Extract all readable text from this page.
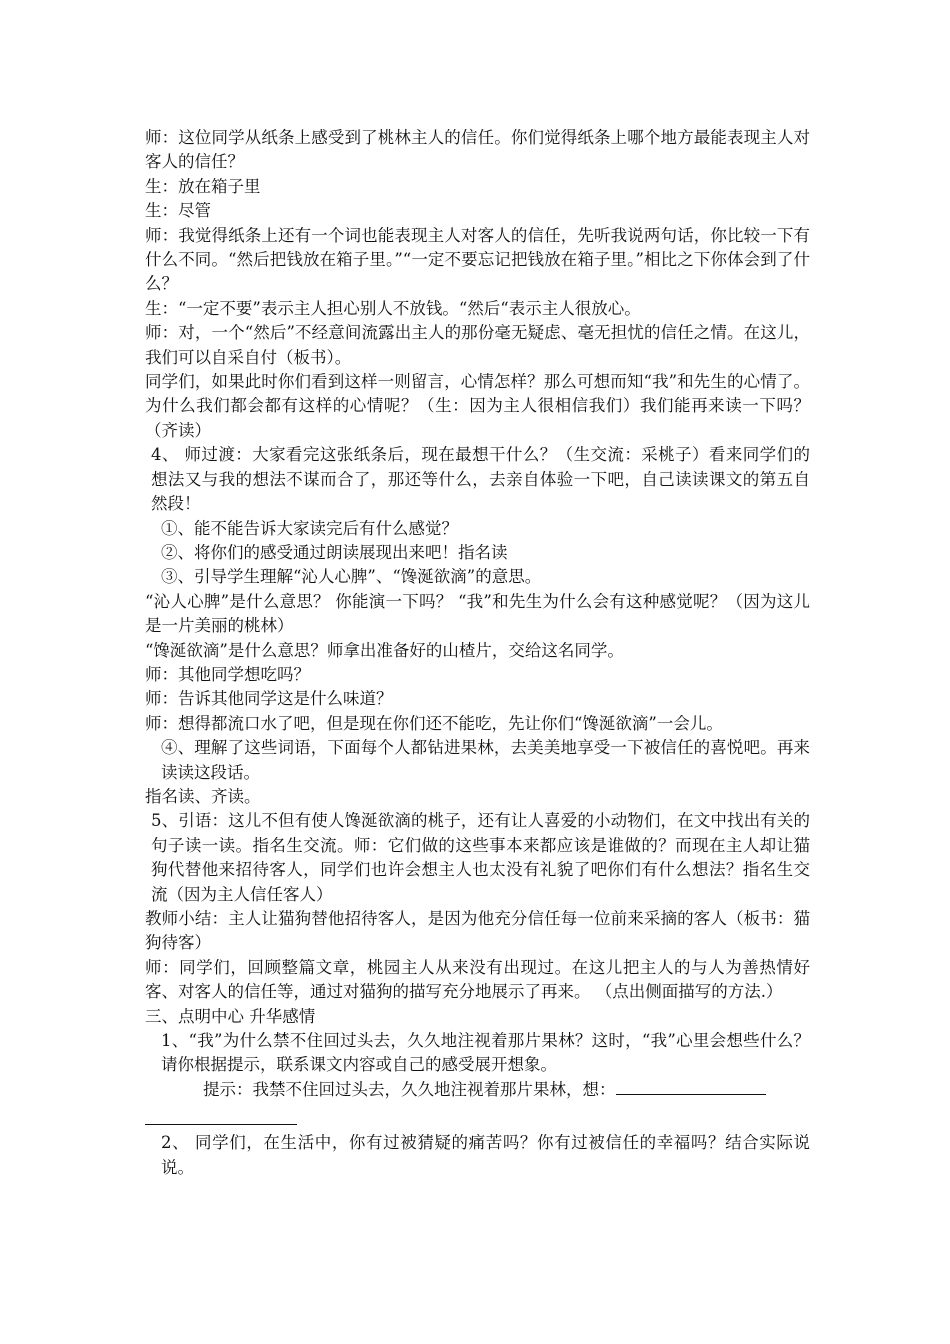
师：这位同学从纸条上感受到了桃林主人的信任。你们觉得纸条上哪个地方最能表现主人对客人的信任？

生：放在箱子里

生：尽管

师：我觉得纸条上还有一个词也能表现主人对客人的信任，先听我说两句话，你比较一下有什么不同。“然后把钱放在箱子里。”“一定不要忘记把钱放在箱子里。”相比之下你体会到了什么？

生：“一定不要”表示主人担心别人不放钱。“然后“表示主人很放心。

师：对，一个“然后”不经意间流露出主人的那份毫无疑虑、毫无担忧的信任之情。在这儿，我们可以自采自付（板书）。

同学们，如果此时你们看到这样一则留言，心情怎样？那么可想而知“我”和先生的心情了。为什么我们都会都有这样的心情呢？（生：因为主人很相信我们）我们能再来读一下吗？（齐读）

4、 师过渡：大家看完这张纸条后，现在最想干什么？（生交流：采桃子）看来同学们的想法又与我的想法不谋而合了，那还等什么，去亲自体验一下吧，自己读读课文的第五自然段！

①、能不能告诉大家读完后有什么感觉？

②、将你们的感受通过朗读展现出来吧！指名读

③、引导学生理解“沁人心脾”、“馋涎欲滴”的意思。

“沁人心脾”是什么意思？ 你能演一下吗？ “我”和先生为什么会有这种感觉呢？（因为这儿是一片美丽的桃林）

“馋涎欲滴”是什么意思？师拿出准备好的山楂片，交给这名同学。

师：其他同学想吃吗？

师：告诉其他同学这是什么味道？

师：想得都流口水了吧，但是现在你们还不能吃，先让你们“馋涎欲滴”一会儿。

④、理解了这些词语，下面每个人都钻进果林，去美美地享受一下被信任的喜悦吧。再来读读这段话。

指名读、齐读。

5、引语：这儿不但有使人馋涎欲滴的桃子，还有让人喜爱的小动物们，在文中找出有关的句子读一读。指名生交流。师：它们做的这些事本来都应该是谁做的？而现在主人却让猫狗代替他来招待客人，同学们也许会想主人也太没有礼貌了吧你们有什么想法？指名生交流（因为主人信任客人）

教师小结：主人让猫狗替他招待客人，是因为他充分信任每一位前来采摘的客人（板书：猫狗待客）

师：同学们，回顾整篇文章，桃园主人从来没有出现过。在这儿把主人的与人为善热情好客、对客人的信任等，通过对猫狗的描写充分地展示了再来。 （点出侧面描写的方法.）

三、点明中心 升华感情

1、“我”为什么禁不住回过头去，久久地注视着那片果林？这时，“我”心里会想些什么？请你根据提示，联系课文内容或自己的感受展开想象。

提示：我禁不住回过头去，久久地注视着那片果林，想：

2、 同学们，在生活中，你有过被猜疑的痛苦吗？你有过被信任的幸福吗？结合实际说说。
